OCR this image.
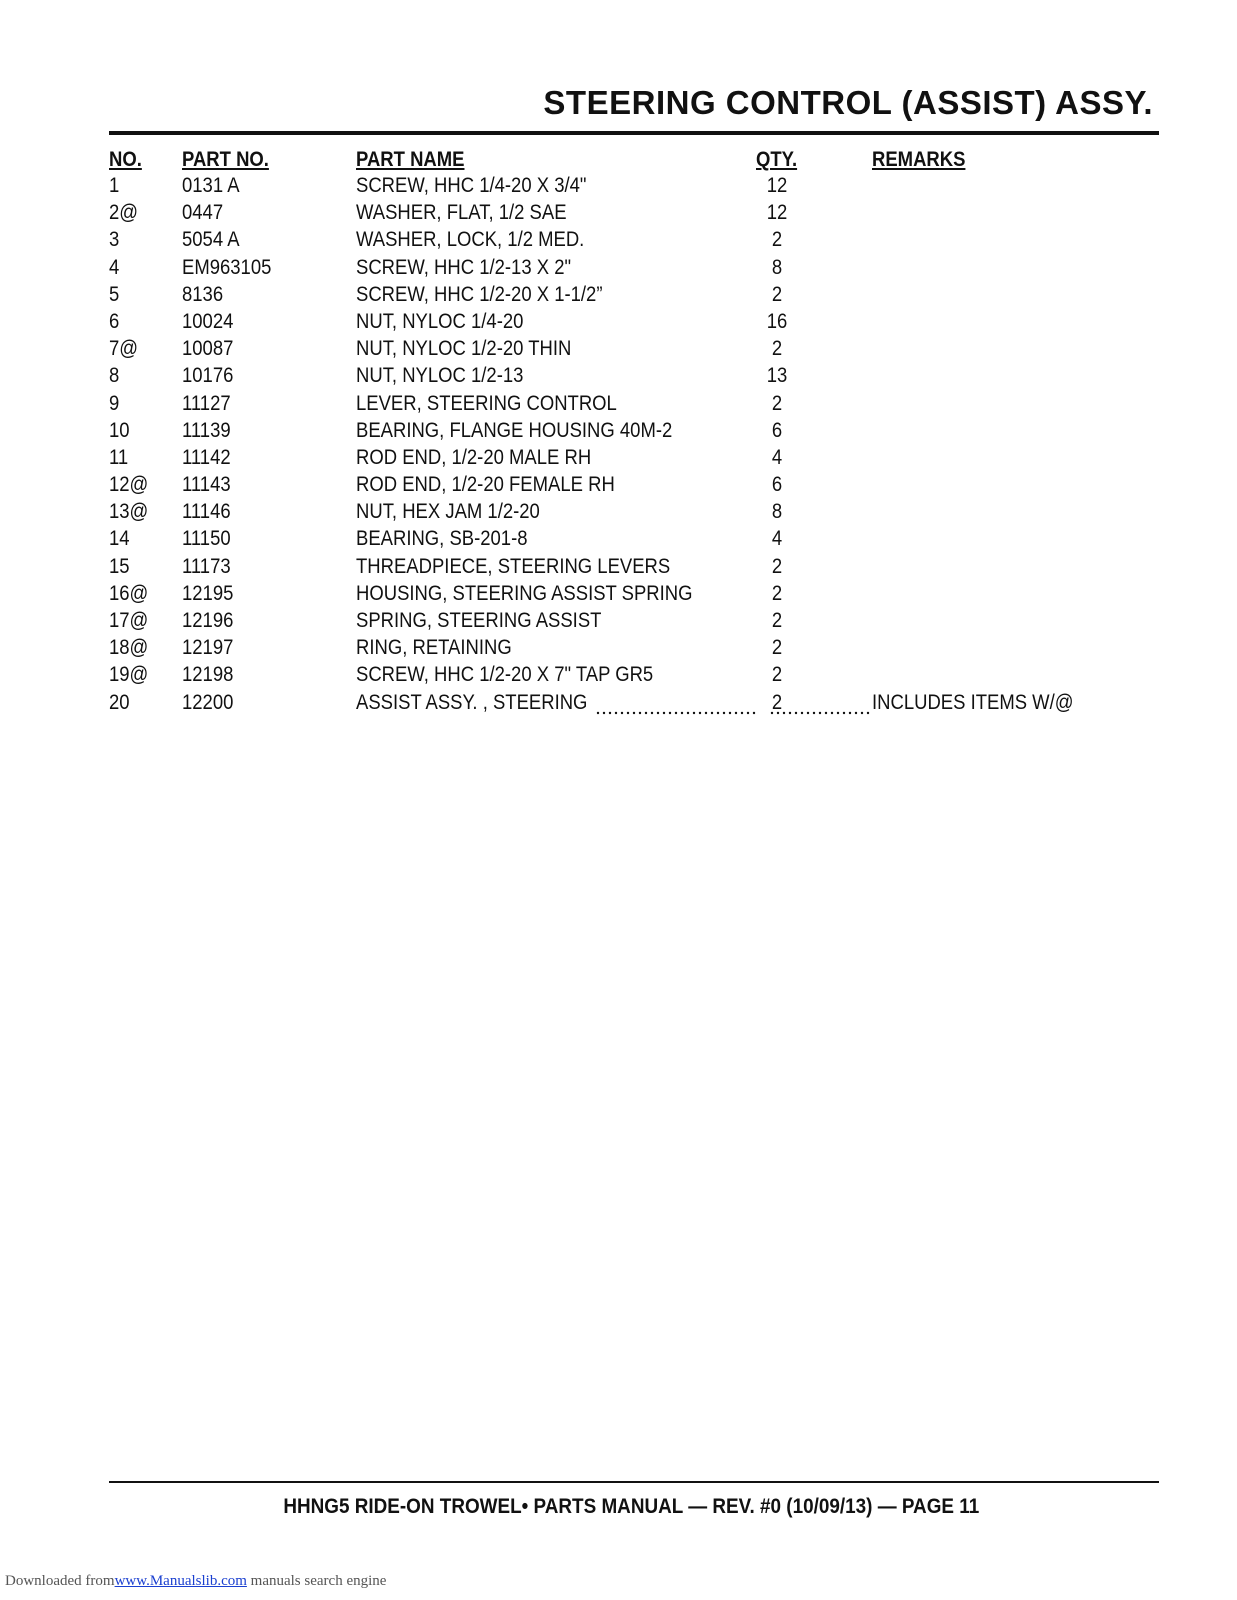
STEERING CONTROL (ASSIST) ASSY.
NO. PART NO.	PART NAME	QTY.	REMARKS
1	0131 A	SCREW, HHC 1/4-20 X 3/4"	12
2@ 0447	WASHER, FLAT, 1/2 SAE	12
3	5054 A	WASHER, LOCK, 1/2 MED.	2
4	EM963105	SCREW, HHC 1/2-13 X 2"	8
5	8136	SCREW, HHC 1/2-20 X 1-1/2”	2
6	10024	NUT, NYLOC 1/4-20	16
7@ 10087	NUT, NYLOC 1/2-20 THIN	2
8	10176	NUT, NYLOC 1/2-13	13
9	11127	LEVER, STEERING CONTROL	2
10 11139	BEARING, FLANGE HOUSING 40M-2	6
11	11142	ROD END, 1/2-20 MALE RH	4
12@ 11143	ROD END, 1/2-20 FEMALE RH	6
13@ 11146	NUT, HEX JAM 1/2-20	8
14 11150	BEARING, SB-201-8	4
15 11173	THREADPIECE, STEERING LEVERS	2
16@ 12195	HOUSING, STEERING ASSIST SPRING	2
17@ 12196	SPRING, STEERING ASSIST	2
18@ 12197	RING, RETAINING	2
19@ 12198	SCREW, HHC 1/2-20 X 7" TAP GR5	2
20 12200	ASSIST ASSY. , STEERING	2	INCLUDES ITEMS W/@
HHNG5 RIDE-ON TROWEL• PARTS MANUAL — REV. #0 (10/09/13) — PAGE 11
Downloaded fromwww.Manualslib.com manuals search engine
